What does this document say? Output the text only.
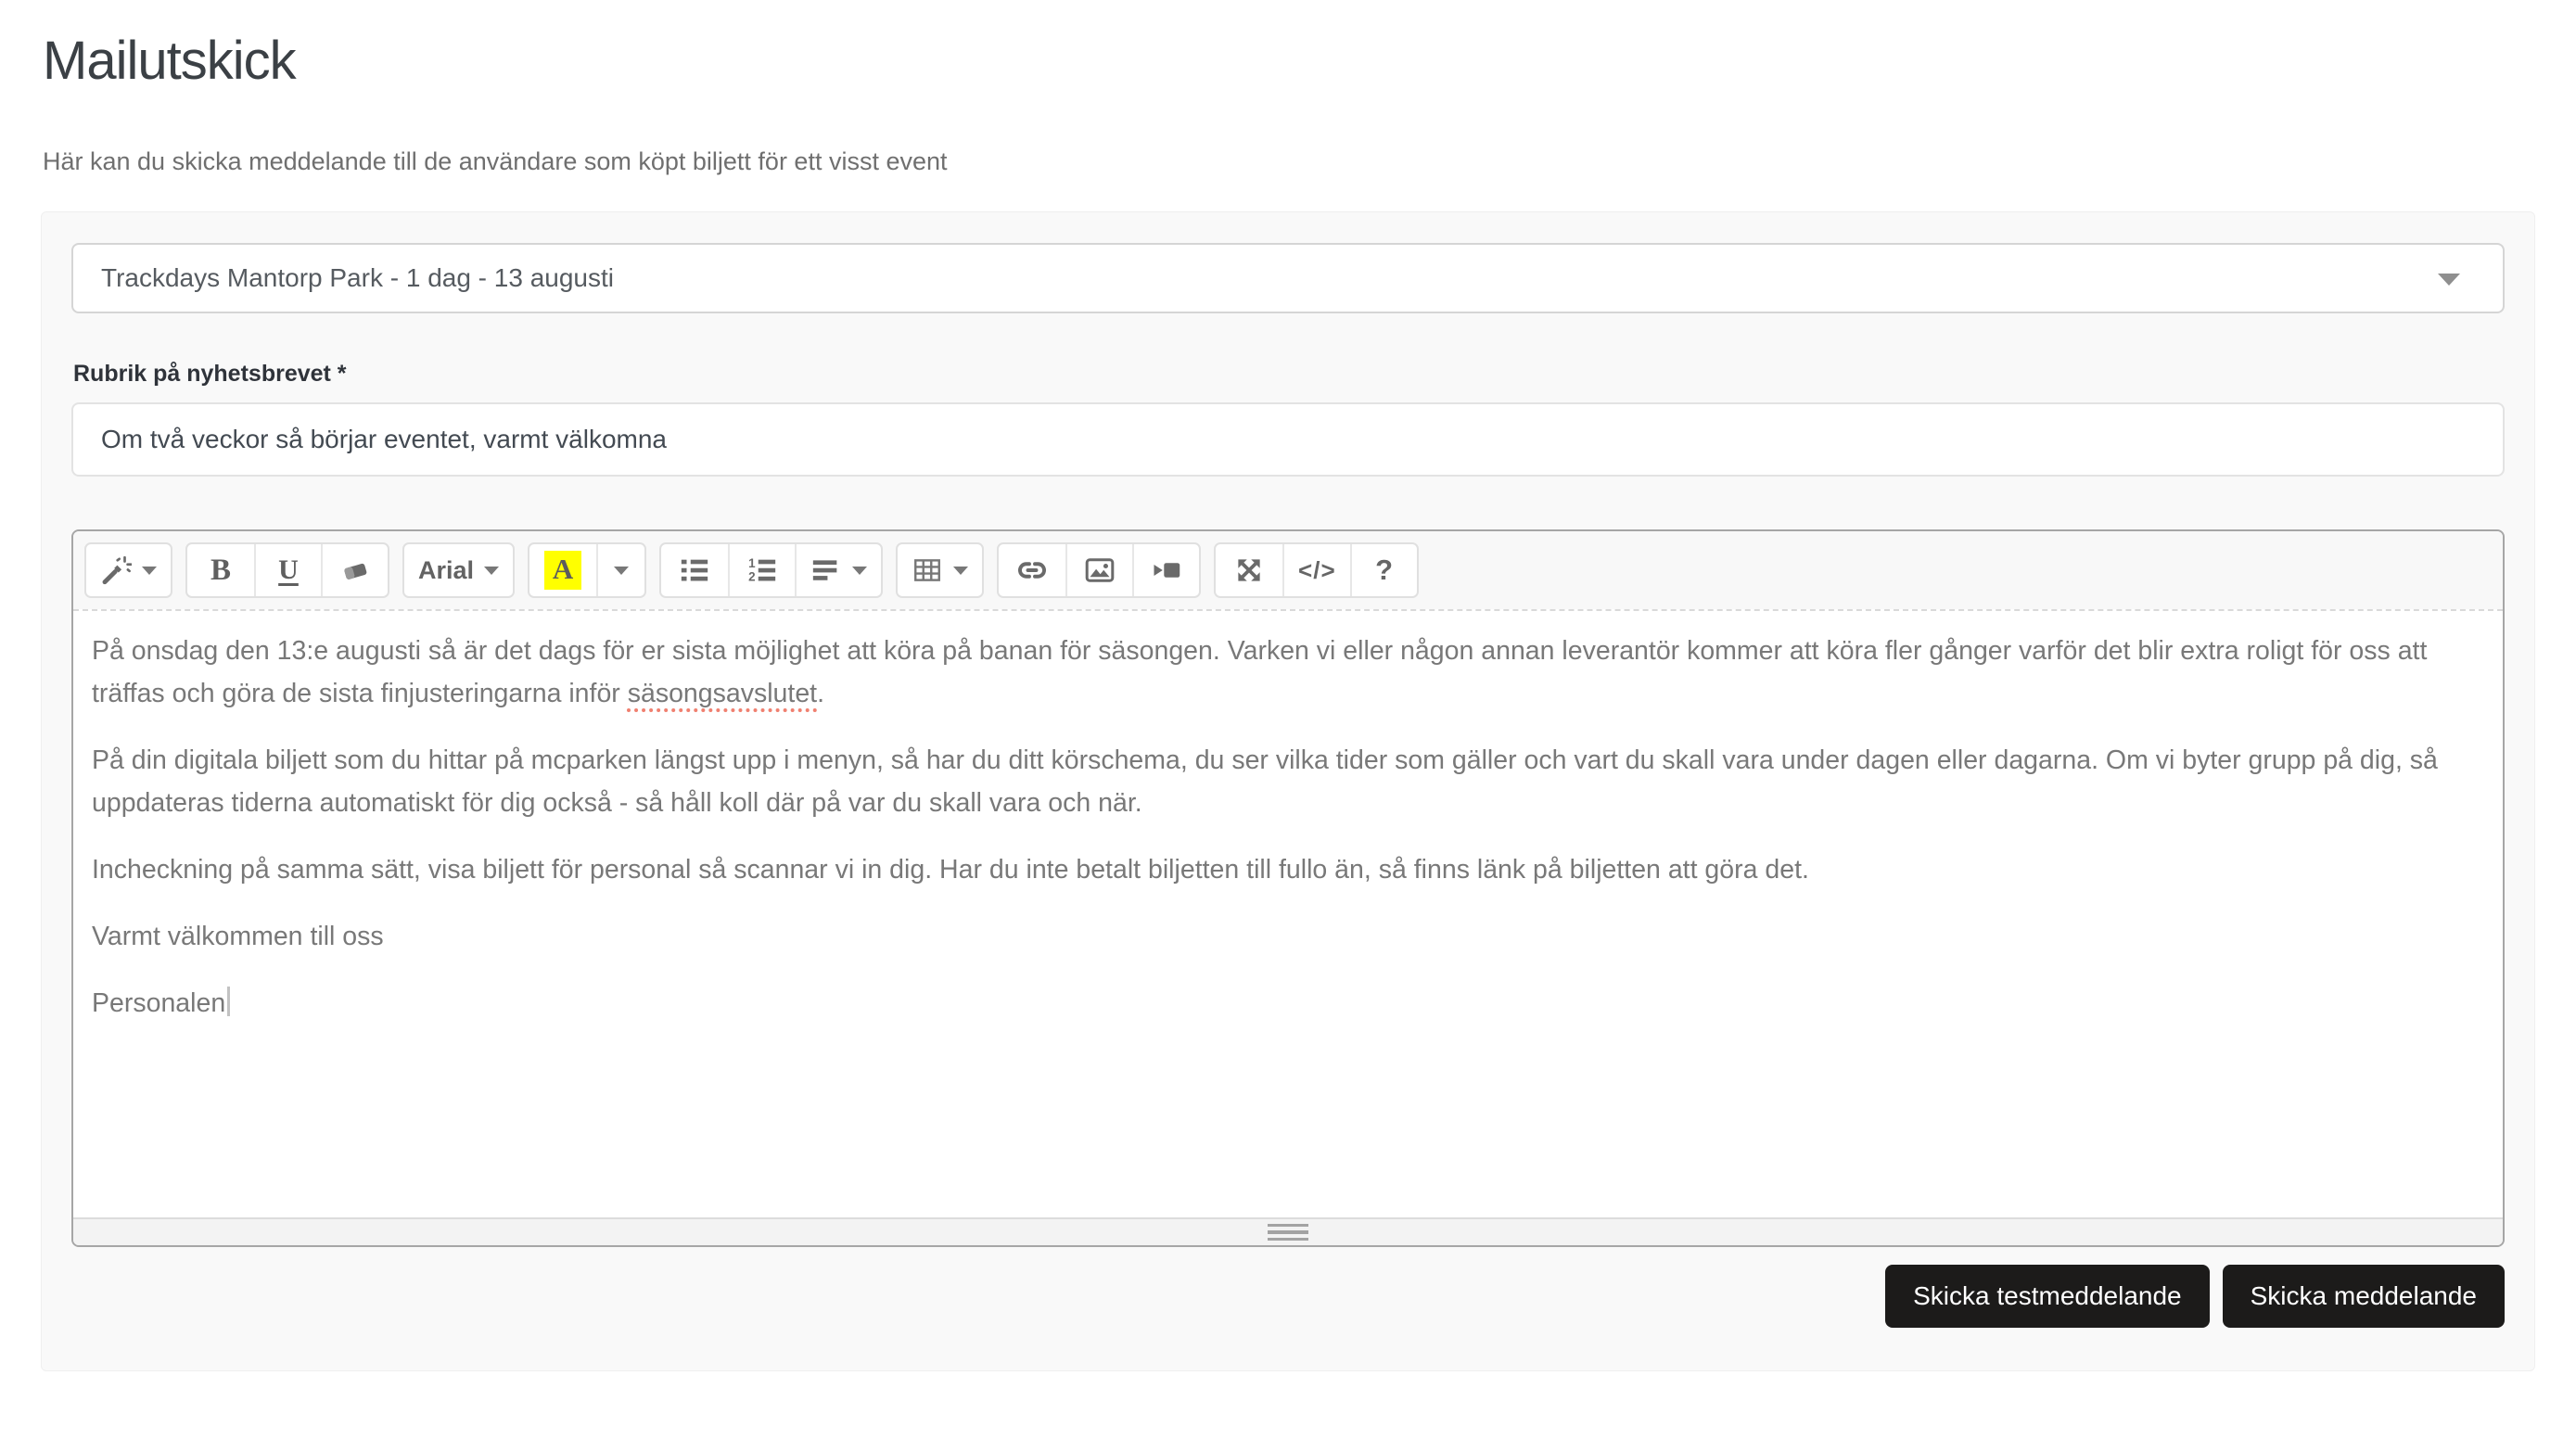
Mailutskick

Här kan du skicka meddelande till de användare som köpt biljett för ett visst event

Trackdays Mantorp Park - 1 dag - 13 augusti
Rubrik på nyhetsbrevet *
Om två veckor så börjar eventet, varmt välkomna
B U	Arial	A	1
2	</> ?

På onsdag den 13:e augusti så är det dags för er sista möjlighet att köra på banan för säsongen. Varken vi eller någon annan leverantör kommer att köra fler gånger varför det blir extra roligt för oss att träffas och göra de sista finjusteringarna inför säsongsavslutet.

På din digitala biljett som du hittar på mcparken längst upp i menyn, så har du ditt körschema, du ser vilka tider som gäller och vart du skall vara under dagen eller dagarna. Om vi byter grupp på dig, så uppdateras tiderna automatiskt för dig också - så håll koll där på var du skall vara och när.

Incheckning på samma sätt, visa biljett för personal så scannar vi in dig. Har du inte betalt biljetten till fullo än, så finns länk på biljetten att göra det.

Varmt välkommen till oss

Personalen

Skicka testmeddelande	Skicka meddelande
